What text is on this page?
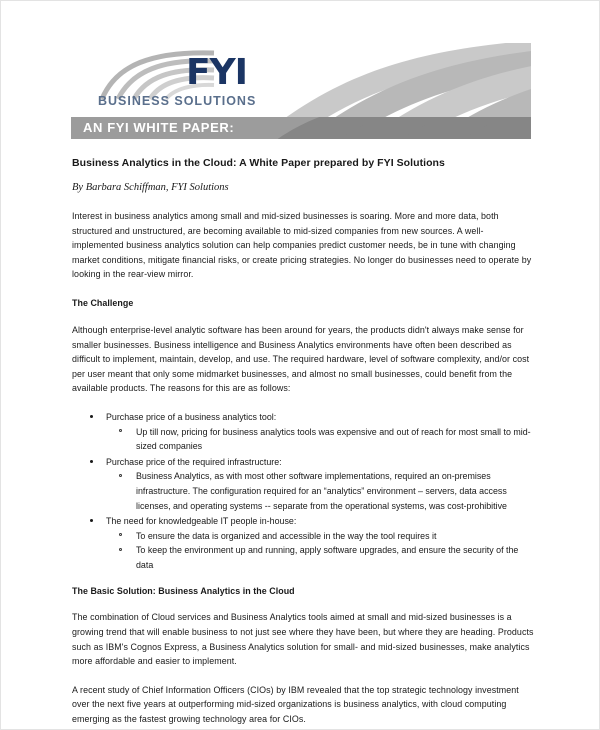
FYI
BUSINESS SOLUTIONS
AN FYI WHITE PAPER:
Business Analytics in the Cloud: A White Paper prepared by FYI Solutions
By Barbara Schiffman, FYI Solutions
Interest in business analytics among small and mid-sized businesses is soaring. More and more data, both structured and unstructured, are becoming available to mid-sized companies from new sources. A well-implemented business analytics solution can help companies predict customer needs, be in tune with changing market conditions, mitigate financial risks, or create pricing strategies. No longer do businesses need to operate by looking in the rear-view mirror.
The Challenge
Although enterprise-level analytic software has been around for years, the products didn't always make sense for smaller businesses. Business intelligence and Business Analytics environments have often been described as difficult to implement, maintain, develop, and use. The required hardware, level of software complexity, and/or cost per user meant that only some midmarket businesses, and almost no small businesses, could benefit from the available products. The reasons for this are as follows:
Purchase price of a business analytics tool:
Up till now, pricing for business analytics tools was expensive and out of reach for most small to mid-sized companies
Purchase price of the required infrastructure:
Business Analytics, as with most other software implementations, required an on-premises infrastructure. The configuration required for an “analytics” environment – servers, data access licenses, and operating systems -- separate from the operational systems, was cost-prohibitive
The need for knowledgeable IT people in-house:
To ensure the data is organized and accessible in the way the tool requires it
To keep the environment up and running, apply software upgrades, and ensure the security of the data
The Basic Solution: Business Analytics in the Cloud
The combination of Cloud services and Business Analytics tools aimed at small and mid-sized businesses is a growing trend that will enable business to not just see where they have been, but where they are heading. Products such as IBM's Cognos Express, a Business Analytics solution for small- and mid-sized businesses, make analytics more affordable and easier to implement.
A recent study of Chief Information Officers (CIOs) by IBM revealed that the top strategic technology investment over the next five years at outperforming mid-sized organizations is business analytics, with cloud computing emerging as the fastest growing technology area for CIOs.
